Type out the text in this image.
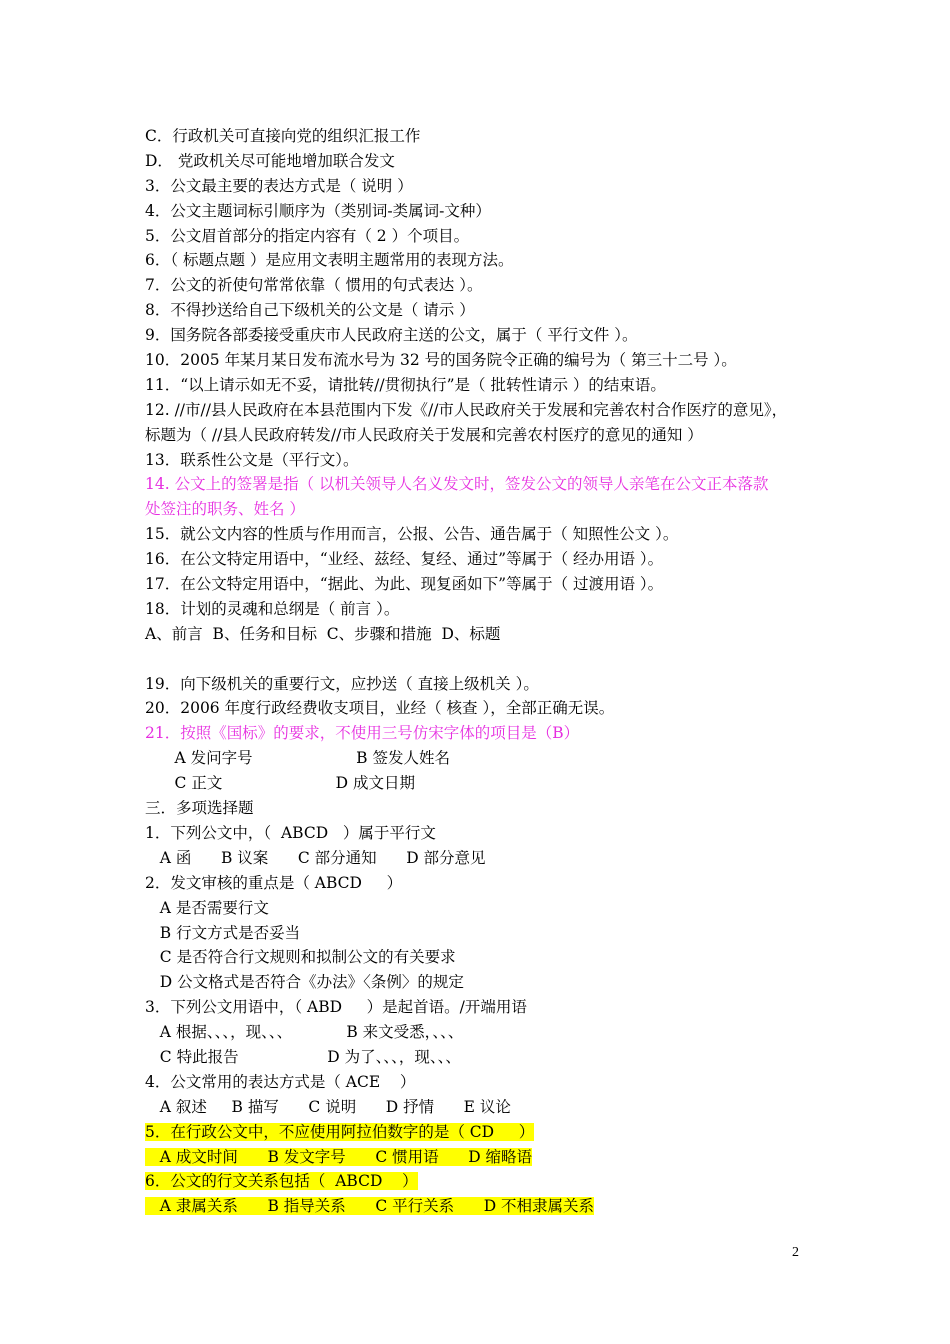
C．行政机关可直接向党的组织汇报工作
D． 党政机关尽可能地增加联合发文
3．公文最主要的表达方式是（ 说明 ）
4．公文主题词标引顺序为（类别词-类属词-文种）
5．公文眉首部分的指定内容有（ 2 ）个项目。
6．（ 标题点题 ）是应用文表明主题常用的表现方法。
7．公文的祈使句常常依靠（ 惯用的句式表达 ）。
8．不得抄送给自己下级机关的公文是（ 请示 ）
9．国务院各部委接受重庆市人民政府主送的公文，属于（ 平行文件 ）。
10．2005 年某月某日发布流水号为 32 号的国务院令正确的编号为（ 第三十二号 ）。
11．“以上请示如无不妥，请批转//贯彻执行”是（ 批转性请示 ）的结束语。
12. //市//县人民政府在本县范围内下发《//市人民政府关于发展和完善农村合作医疗的意见》，
标题为（ //县人民政府转发//市人民政府关于发展和完善农村医疗的意见的通知 ）
13．联系性公文是（平行文）。
14. 公文上的签署是指（ 以机关领导人名义发文时，签发公文的领导人亲笔在公文正本落款
处签注的职务、姓名 ）
15．就公文内容的性质与作用而言，公报、公告、通告属于（ 知照性公文 ）。
16．在公文特定用语中，“业经、兹经、复经、通过”等属于（ 经办用语 ）。
17．在公文特定用语中，“据此、为此、现复函如下”等属于（ 过渡用语 ）。
18．计划的灵魂和总纲是（ 前言 ）。
A、前言  B、任务和目标  C、步骤和措施  D、标题
19．向下级机关的重要行文，应抄送（ 直接上级机关 ）。
20．2006 年度行政经费收支项目，业经（ 核查 ），全部正确无误。
21．按照《国标》的要求，不使用三号仿宋字体的项目是（B）
A 发问字号                     B 签发人姓名
C 正文                       D 成文日期
三．多项选择题
1．下列公文中，（  ABCD   ）属于平行文
A 函      B 议案      C 部分通知      D 部分意见
2．发文审核的重点是（ ABCD     ）
A 是否需要行文
B 行文方式是否妥当
C 是否符合行文规则和拟制公文的有关要求
D 公文格式是否符合《办法》〈条例〉的规定
3．下列公文用语中，（ ABD     ）是起首语。/开端用语
A 根据、、、，现、、、           B 来文受悉，、、、
C 特此报告                  D 为了、、、，现、、、
4．公文常用的表达方式是（ ACE    ）
A 叙述     B 描写      C 说明      D 抒情      E 议论
5．在行政公文中，不应使用阿拉伯数字的是（ CD     ）
A 成文时间      B 发文字号      C 惯用语      D 缩略语
6．公文的行文关系包括（  ABCD    ）
A 隶属关系      B 指导关系      C 平行关系      D 不相隶属关系
2
